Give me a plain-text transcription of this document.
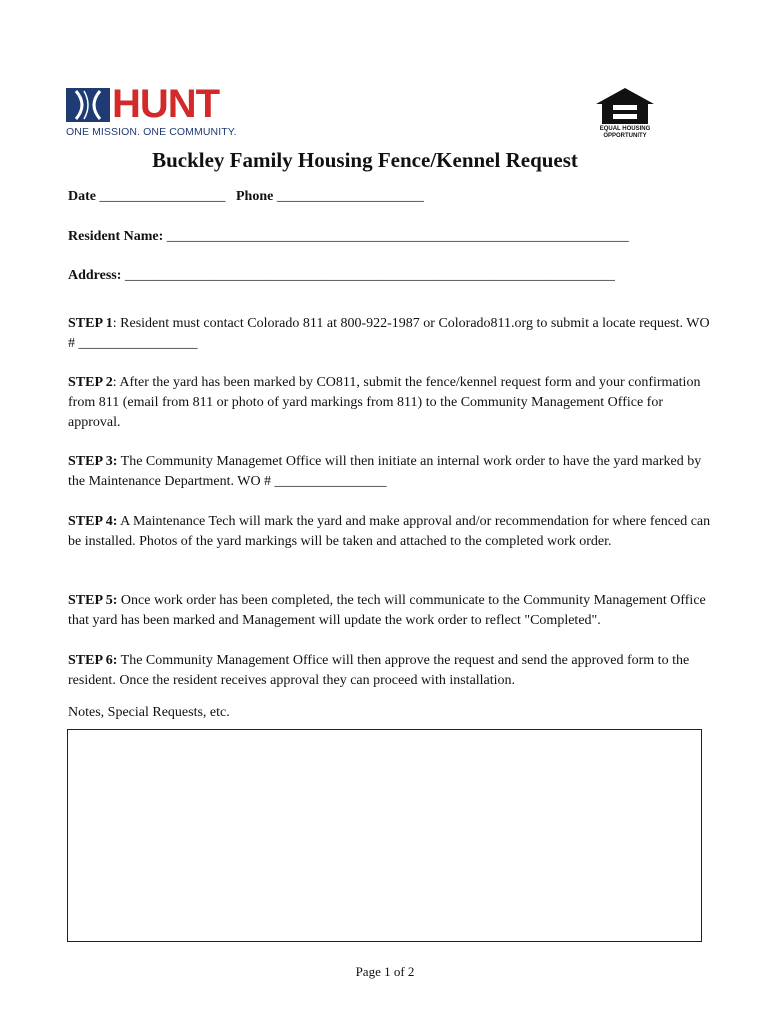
HUNT
ONE MISSION. ONE COMMUNITY.	EQUAL HOUSING
OPPORTUNITY
Buckley Family Housing Fence/Kennel Request
Date __________________ Phone _____________________
Resident Name: __________________________________________________________________
Address: ______________________________________________________________________
STEP 1: Resident must contact Colorado 811 at 800-922-1987 or Colorado811.org to submit a locate request. WO # _________________
STEP 2: After the yard has been marked by CO811, submit the fence/kennel request form and your confirmation from 811 (email from 811 or photo of yard markings from 811) to the Community Management Office for approval.
STEP 3: The Community Managemet Office will then initiate an internal work order to have the yard marked by the Maintenance Department. WO # ________________
STEP 4: A Maintenance Tech will mark the yard and make approval and/or recommendation for where fenced can be installed. Photos of the yard markings will be taken and attached to the completed work order.
STEP 5: Once work order has been completed, the tech will communicate to the Community Management Office that yard has been marked and Management will update the work order to reflect "Completed".
STEP 6: The Community Management Office will then approve the request and send the approved form to the resident. Once the resident receives approval they can proceed with installation.
Notes, Special Requests, etc.
Page 1 of 2
